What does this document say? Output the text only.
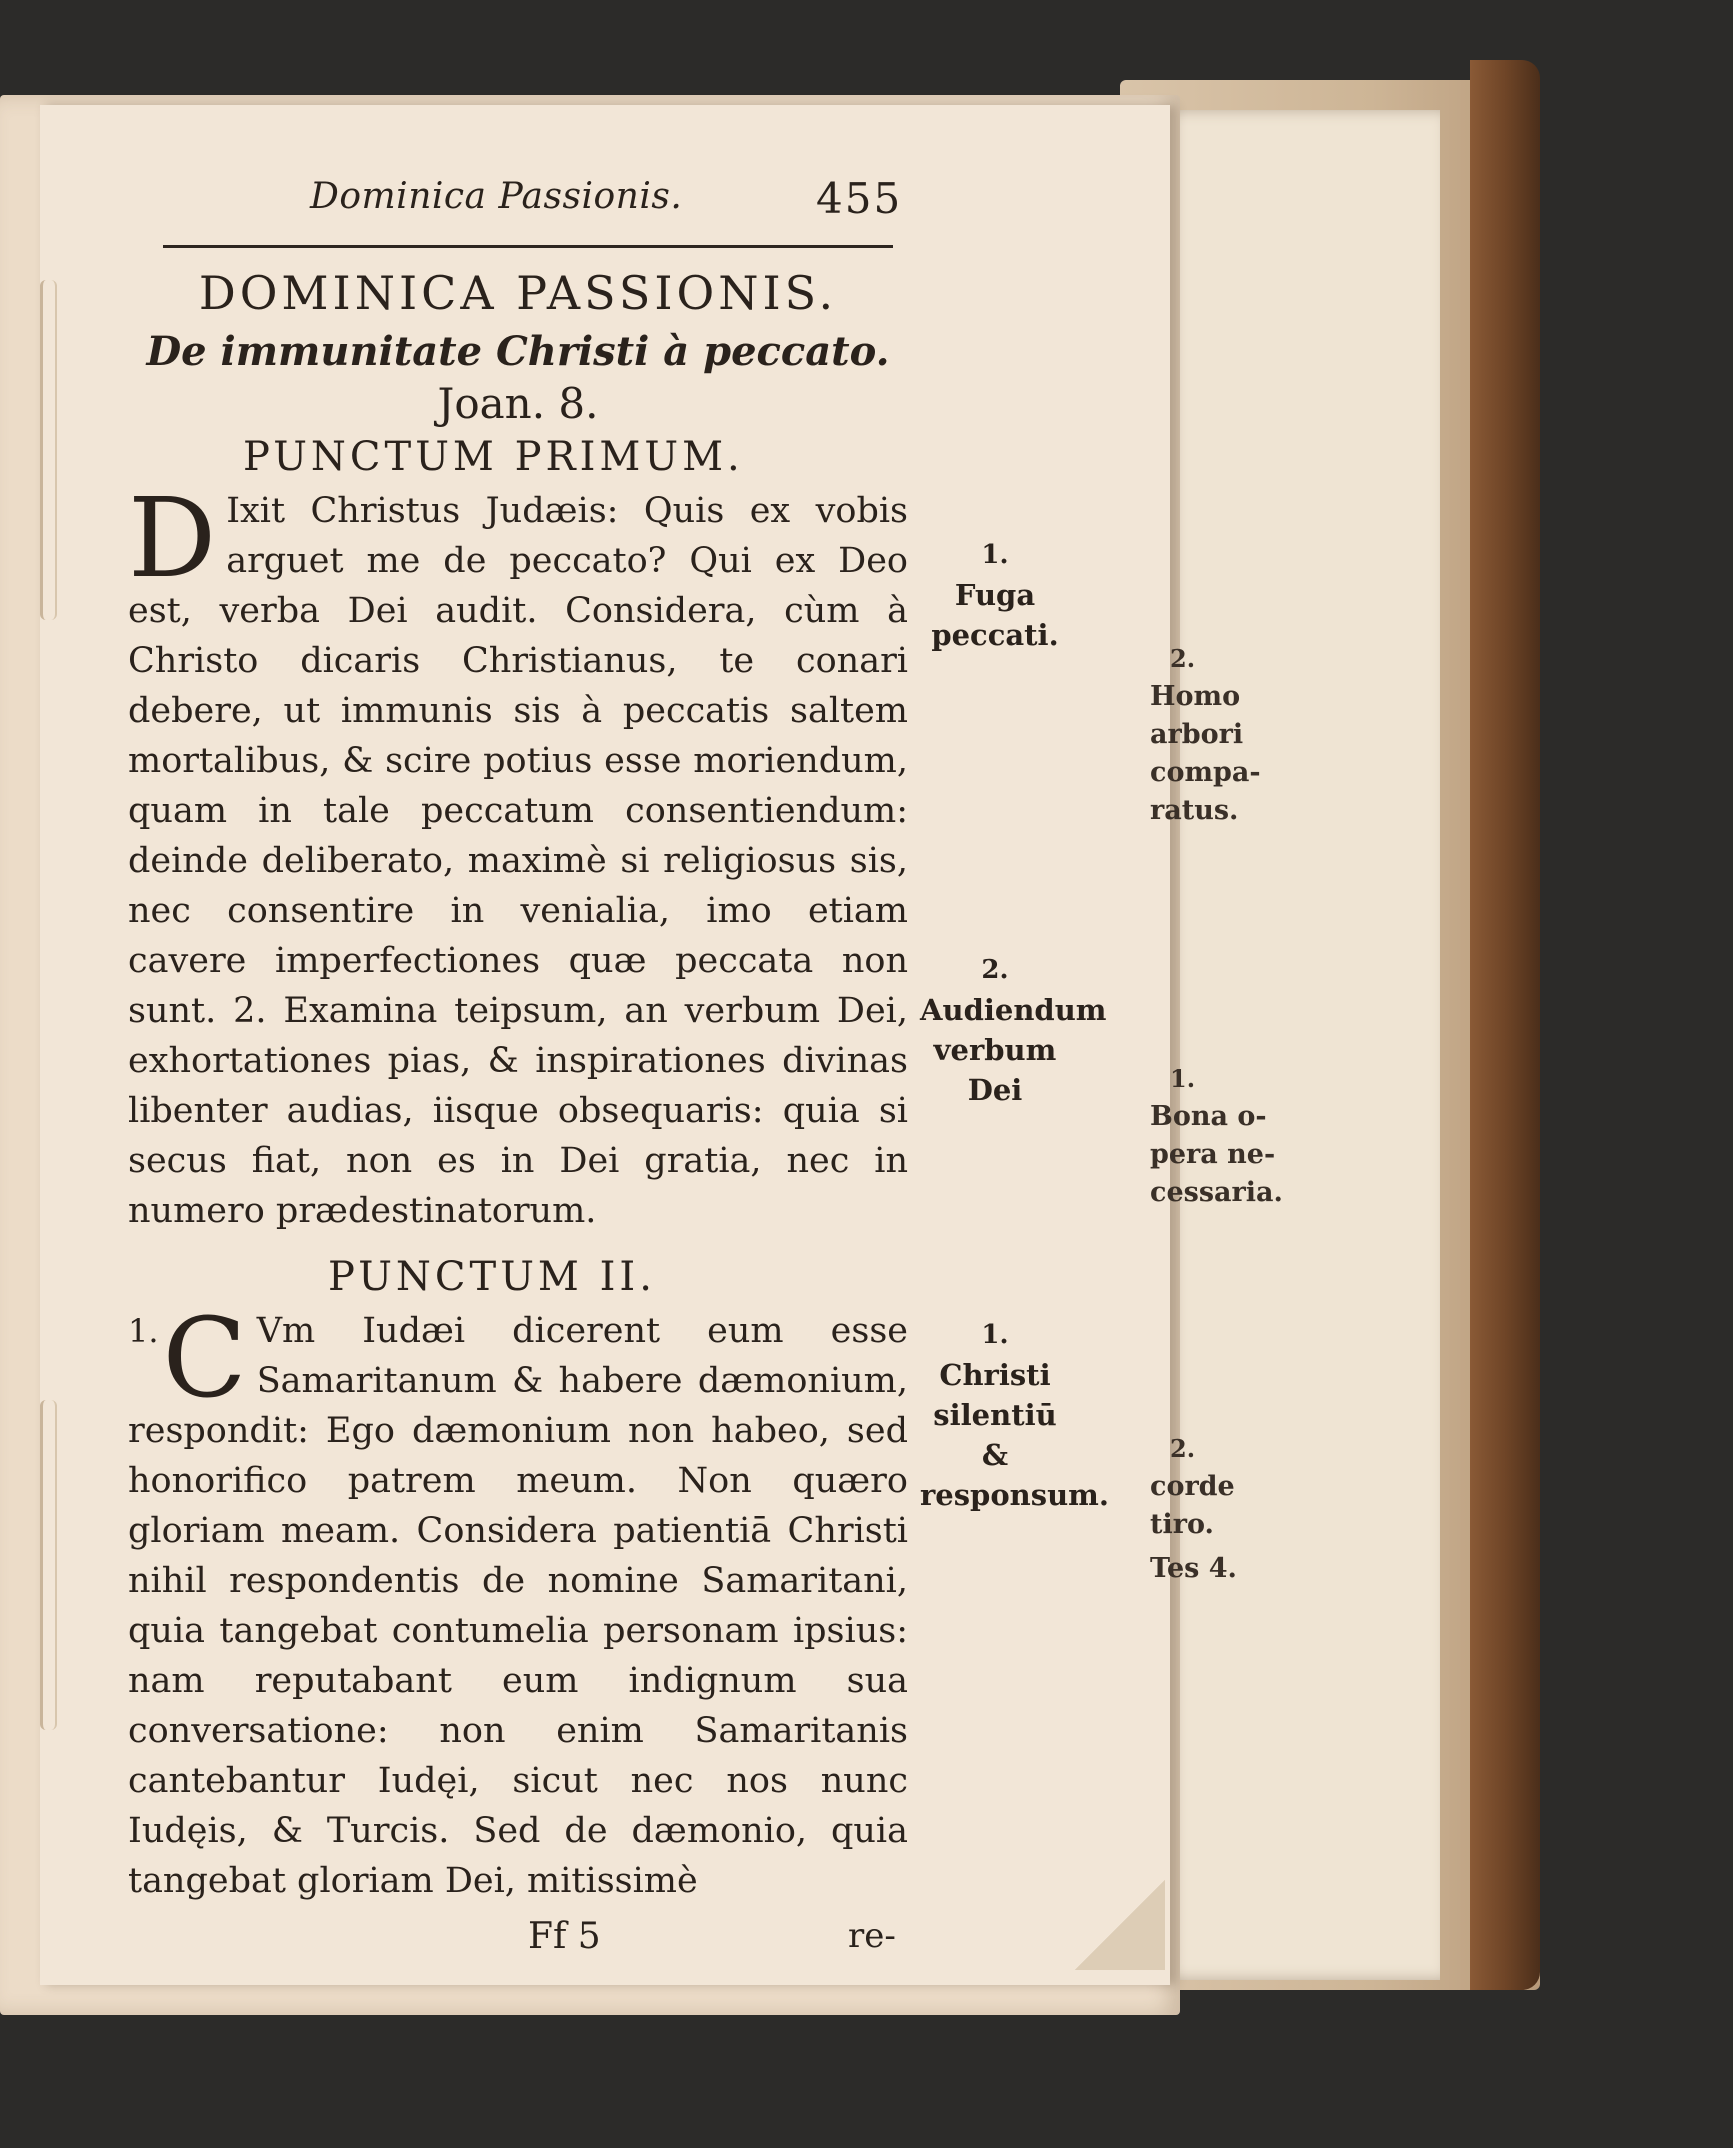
Dominica Passionis.	455
DOMINICA PASSIONIS.
De immunitate Christi à peccato.
Joan. 8.
PUNCTUM PRIMUM.

D Ixit Christus Judæis: Quis ex vobis arguet me de peccato? Qui ex Deo est, verba Dei audit. Considera, cùm à Christo dicaris Christianus, te conari debere, ut immunis sis à peccatis saltem mortalibus, & scire potius esse moriendum, quam in tale peccatum consentiendum: deinde deliberato, maximè si religiosus sis, nec consentire in venialia, imo etiam cavere imperfectiones quæ peccata non sunt. 2. Examina teipsum, an verbum Dei, exhortationes pias, & inspirationes divinas libenter audias, iisque obsequaris: quia si secus fiat, non es in Dei gratia, nec in numero prædestinatorum.

PUNCTUM II.

1. C Vm Iudæi dicerent eum esse Samaritanum & habere dæmonium, respondit: Ego dæmonium non habeo, sed honorifico patrem meum. Non quæro gloriam meam. Considera patientiā Christi nihil respondentis de nomine Samaritani, quia tangebat contumelia personam ipsius: nam reputabant eum indignum sua conversatione: non enim Samaritanis cantebantur Iudęi, sicut nec nos nunc Iudęis, & Turcis. Sed de dæmonio, quia tangebat gloriam Dei, mitissimè

Ff 5	re-
1.
Fuga peccati.
2.
Audiendum verbum Dei
1.
Christi silentiū & responsum.
2.
Homo arbori compa-ratus.
1.
Bona o-pera ne-cessaria.
2.
corde tiro.
Tes 4.
